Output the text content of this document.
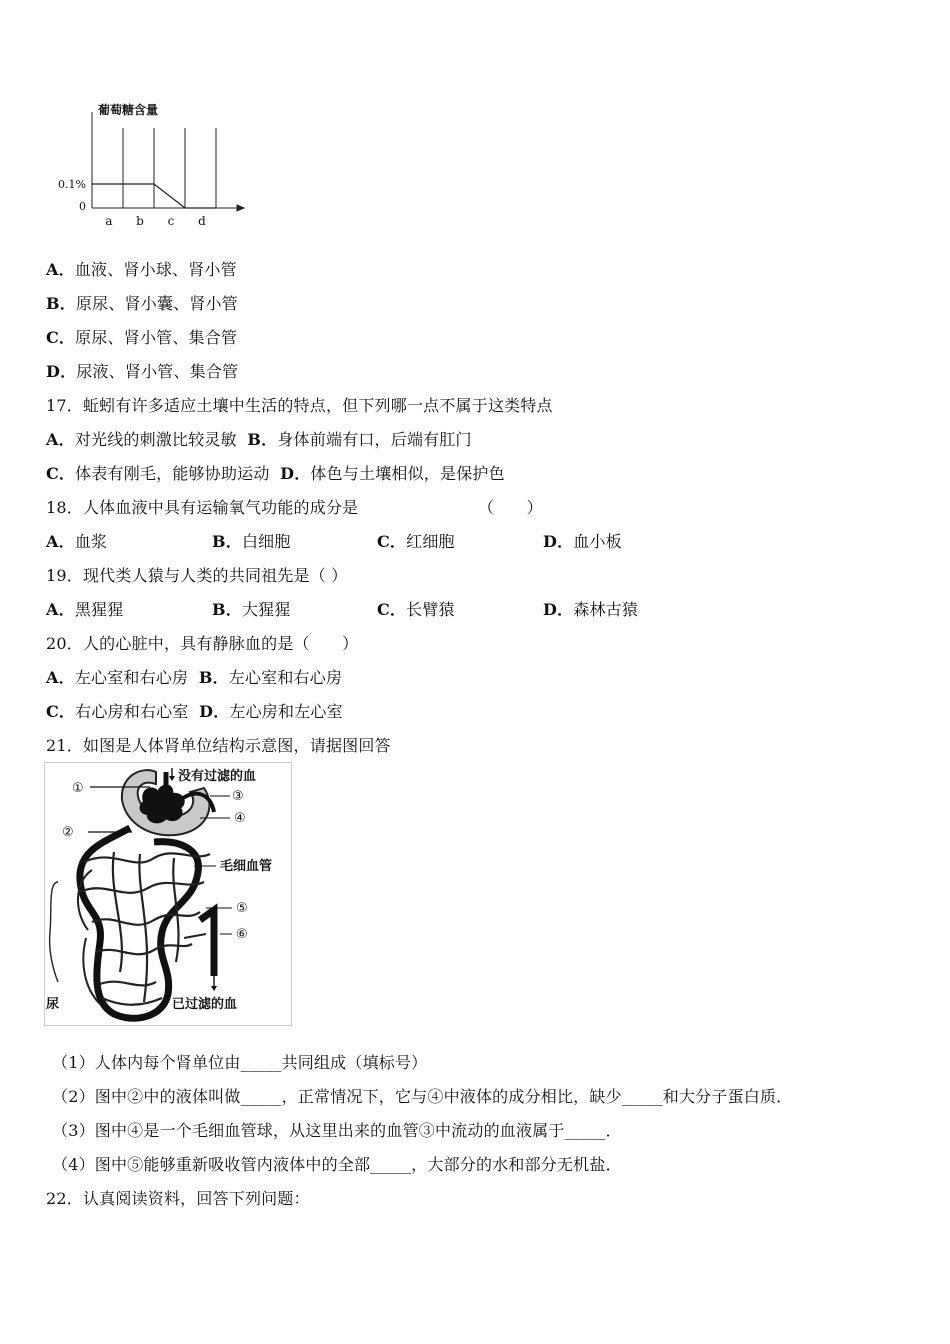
葡萄糖含量
0.1%
0
a b c d
A．血液、肾小球、肾小管
B．原尿、肾小囊、肾小管
C．原尿、肾小管、集合管
D．尿液、肾小管、集合管
17．蚯蚓有许多适应土壤中生活的特点，但下列哪一点不属于这类特点
A．对光线的刺激比较灵敏 B．身体前端有口，后端有肛门
C．体表有刚毛，能够协助运动 D．体色与土壤相似，是保护色
18．人体血液中具有运输氧气功能的成分是	（　　）

A．血浆

	B．白细胞

	C．红细胞

	D．血小板

19．现代类人猿与人类的共同祖先是（ ）

A．黑猩猩

	B．大猩猩

	C．长臂猿

	D．森林古猿

20．人的心脏中，具有静脉血的是（　　）
A．左心室和右心房 B．左心室和右心房
C．右心房和右心室 D．左心房和左心室
21．如图是人体肾单位结构示意图，请据图回答
①
②
③
④
⑤
⑥
没有过滤的血
毛细血管
已过滤的血
尿
（1）人体内每个肾单位由_____共同组成（填标号）
（2）图中②中的液体叫做_____，正常情况下，它与④中液体的成分相比，缺少_____和大分子蛋白质．
（3）图中④是一个毛细血管球，从这里出来的血管③中流动的血液属于_____．
（4）图中⑤能够重新吸收管内液体中的全部_____，大部分的水和部分无机盐．
22．认真阅读资料，回答下列问题：
